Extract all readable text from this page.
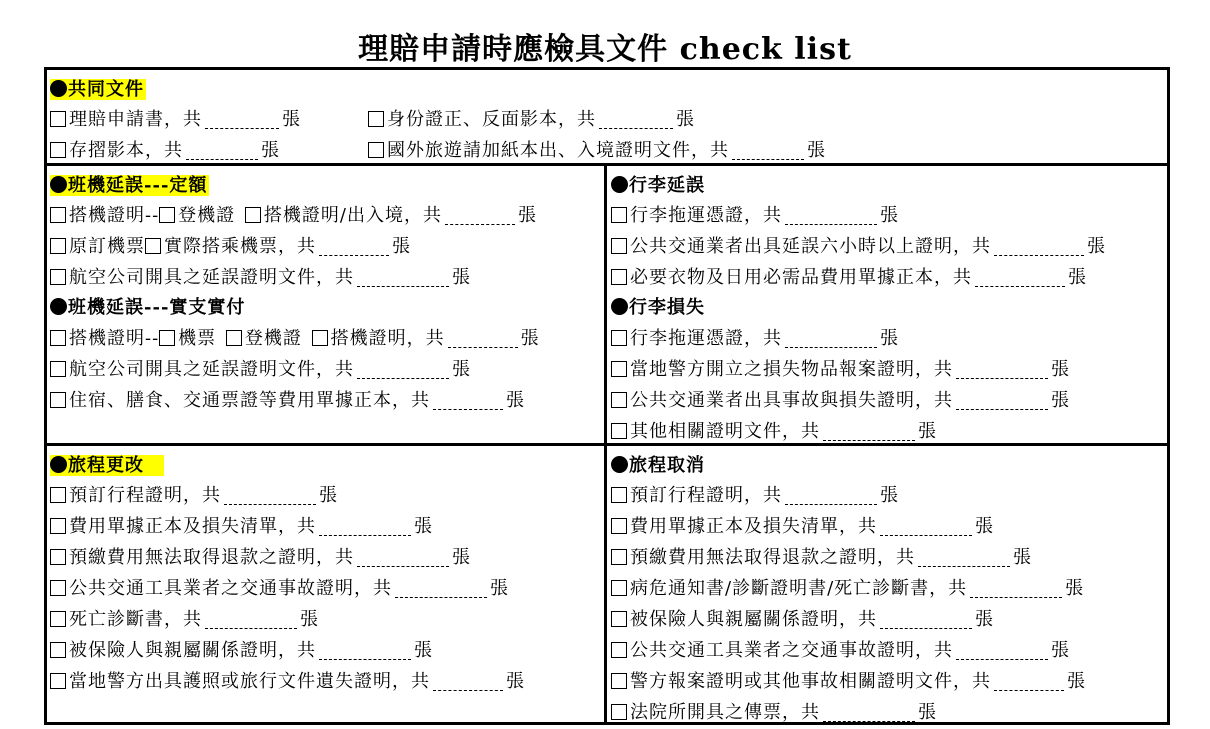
理賠申請時應檢具文件 check list
共同文件
理賠申請書，共	張	身份證正、反面影本，共	張
存摺影本，共	張	國外旅遊請加紙本出、入境證明文件，共	張
班機延誤---定額
搭機證明-- 登機證 搭機證明/出入境，共	張
原訂機票 實際搭乘機票，共	張
航空公司開具之延誤證明文件，共	張
班機延誤---實支實付
搭機證明-- 機票 登機證 搭機證明，共	張
航空公司開具之延誤證明文件，共	張
住宿、膳食、交通票證等費用單據正本，共	張
行李延誤
行李拖運憑證，共	張
公共交通業者出具延誤六小時以上證明，共	張
必要衣物及日用必需品費用單據正本，共	張
行李損失
行李拖運憑證，共	張
當地警方開立之損失物品報案證明，共	張
公共交通業者出具事故與損失證明，共	張
其他相關證明文件，共	張
旅程更改
預訂行程證明，共	張
費用單據正本及損失清單，共	張
預繳費用無法取得退款之證明，共	張
公共交通工具業者之交通事故證明，共	張
死亡診斷書，共	張
被保險人與親屬關係證明，共	張
當地警方出具護照或旅行文件遺失證明，共	張
旅程取消
預訂行程證明，共	張
費用單據正本及損失清單，共	張
預繳費用無法取得退款之證明，共	張
病危通知書/診斷證明書/死亡診斷書，共	張
被保險人與親屬關係證明，共	張
公共交通工具業者之交通事故證明，共	張
警方報案證明或其他事故相關證明文件，共	張
法院所開具之傳票，共	張
